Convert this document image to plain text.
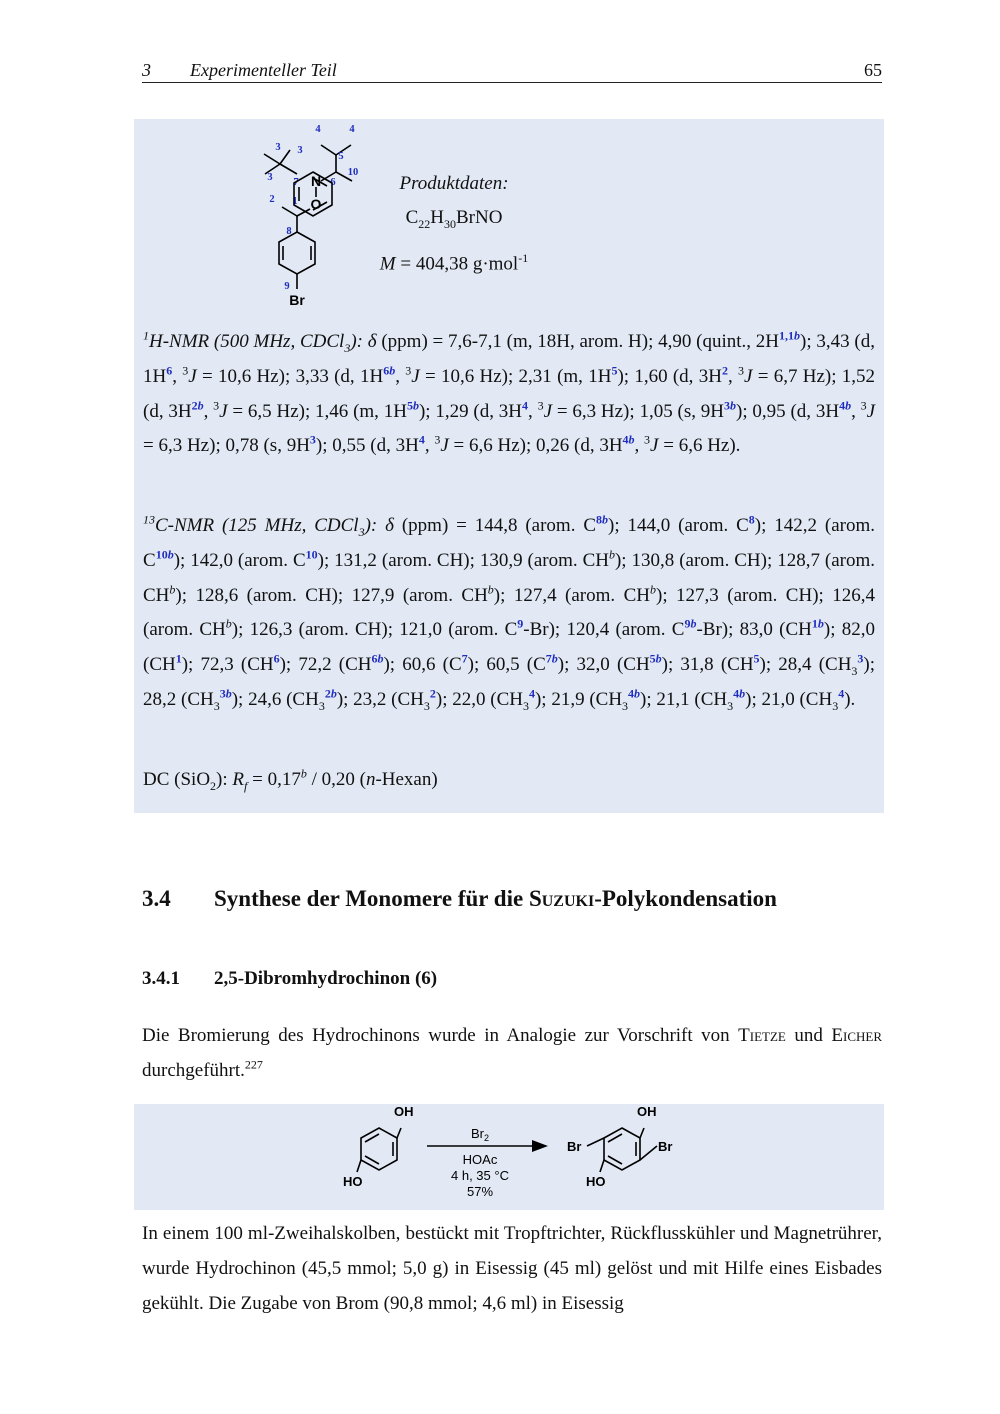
3 Experimenteller Teil	65
N
O
Br
1
2
3 3
3
4	4
5
6
7
8
9
10
Produktdaten:
$C_{22}H_{30}BrNO$
M = 404,38 g·mol$^{-1}$
$^1$H-NMR (500 MHz, CDCl$_3$): δ (ppm) = 7,6-7,1 (m, 18H, arom. H); 4,90 (quint., $2H^{1,1b}$); 3,43 (d, $1H^6$, $^3$J = 10,6 Hz); 3,33 (d, $1H^{6b}$, $^3$J = 10,6 Hz); 2,31 (m, $1H^5$); 1,60 (d, $3H^2$, $^3$J = 6,7 Hz); 1,52 (d, $3H^{2b}$, $^3$J = 6,5 Hz); 1,46 (m, $1H^{5b}$); 1,29 (d, $3H^4$, $^3$J = 6,3 Hz); 1,05 (s, $9H^{3b}$); 0,95 (d, $3H^{4b}$, $^3$J = 6,3 Hz); 0,78 (s, $9H^3$); 0,55 (d, $3H^4$, $^3$J = 6,6 Hz); 0,26 (d, $3H^{4b}$, $^3$J = 6,6 Hz).
$^{13}$C-NMR (125 MHz, CDCl$_3$): δ (ppm) = 144,8 (arom. $C^{8b}$); 144,0 (arom. $C^8$); 142,2 (arom. $C^{10b}$); 142,0 (arom. $C^{10}$); 131,2 (arom. CH); 130,9 (arom. $CH^b$); 130,8 (arom. CH); 128,7 (arom. $CH^b$); 128,6 (arom. CH); 127,9 (arom. $CH^b$); 127,4 (arom. $CH^b$); 127,3 (arom. CH); 126,4 (arom. $CH^b$); 126,3 (arom. CH); 121,0 (arom. $C^9-Br$); 120,4 (arom. $C^{9b}-Br$); 83,0 $(CH^{1b})$; 82,0 $(CH^1)$; 72,3 $(CH^6)$; 72,2 $(CH^{6b})$; 60,6 $(C^7)$; 60,5 $(C^{7b})$; 32,0 $(CH^{5b})$; 31,8 $(CH^5)$; 28,4 $(CH_3^3)$; 28,2 $(CH_3^{3b})$; 24,6 $(CH_3^{2b})$; 23,2 $(CH_3^2)$; 22,0 $(CH_3^4)$; 21,9 $(CH_3^{4b})$; 21,1 $(CH_3^{4b})$; 21,0 $(CH_3^4)$.
DC (SiO$_2$): $R_f = 0,17^b / 0,20$ (n-Hexan)
3.4 Synthese der Monomere für die Suzuki-Polykondensation
3.4.1 2,5-Dibromhydrochinon (6)
Die Bromierung des Hydrochinons wurde in Analogie zur Vorschrift von Tietze und Eicher durchgeführt.$^{227}$
OH
HO
OH
HO
Br	Br
$Br_2$
HOAc
4 h, 35 °C
57%
In einem 100 ml-Zweihalskolben, bestückt mit Tropftrichter, Rückflusskühler und Magnetrührer, wurde Hydrochinon (45,5 mmol; 5,0 g) in Eisessig (45 ml) gelöst und mit Hilfe eines Eisbades gekühlt. Die Zugabe von Brom (90,8 mmol; 4,6 ml) in Eisessig
